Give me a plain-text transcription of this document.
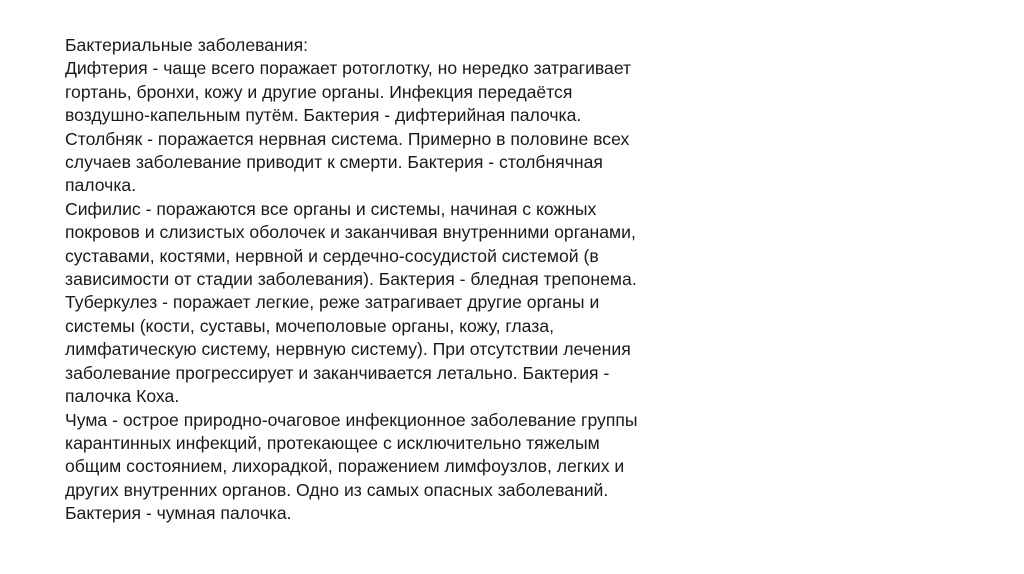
Бактериальные заболевания:
Дифтерия - чаще всего поражает ротоглотку, но нередко затрагивает
гортань, бронхи, кожу и другие органы. Инфекция передаётся
воздушно-капельным путём. Бактерия - дифтерийная палочка.
Столбняк - поражается нервная система. Примерно в половине всех
случаев заболевание приводит к смерти. Бактерия - столбнячная
палочка.
Сифилис - поражаются все органы и системы, начиная с кожных
покровов и слизистых оболочек и заканчивая внутренними органами,
суставами, костями, нервной и сердечно-сосудистой системой (в
зависимости от стадии заболевания). Бактерия - бледная трепонема.
Туберкулез - поражает легкие, реже затрагивает другие органы и
системы (кости, суставы, мочеполовые органы, кожу, глаза,
лимфатическую систему, нервную систему). При отсутствии лечения
заболевание прогрессирует и заканчивается летально. Бактерия -
палочка Коха.
Чума - острое природно-очаговое инфекционное заболевание группы
карантинных инфекций, протекающее с исключительно тяжелым
общим состоянием, лихорадкой, поражением лимфоузлов, легких и
других внутренних органов. Одно из самых опасных заболеваний.
Бактерия - чумная палочка.
